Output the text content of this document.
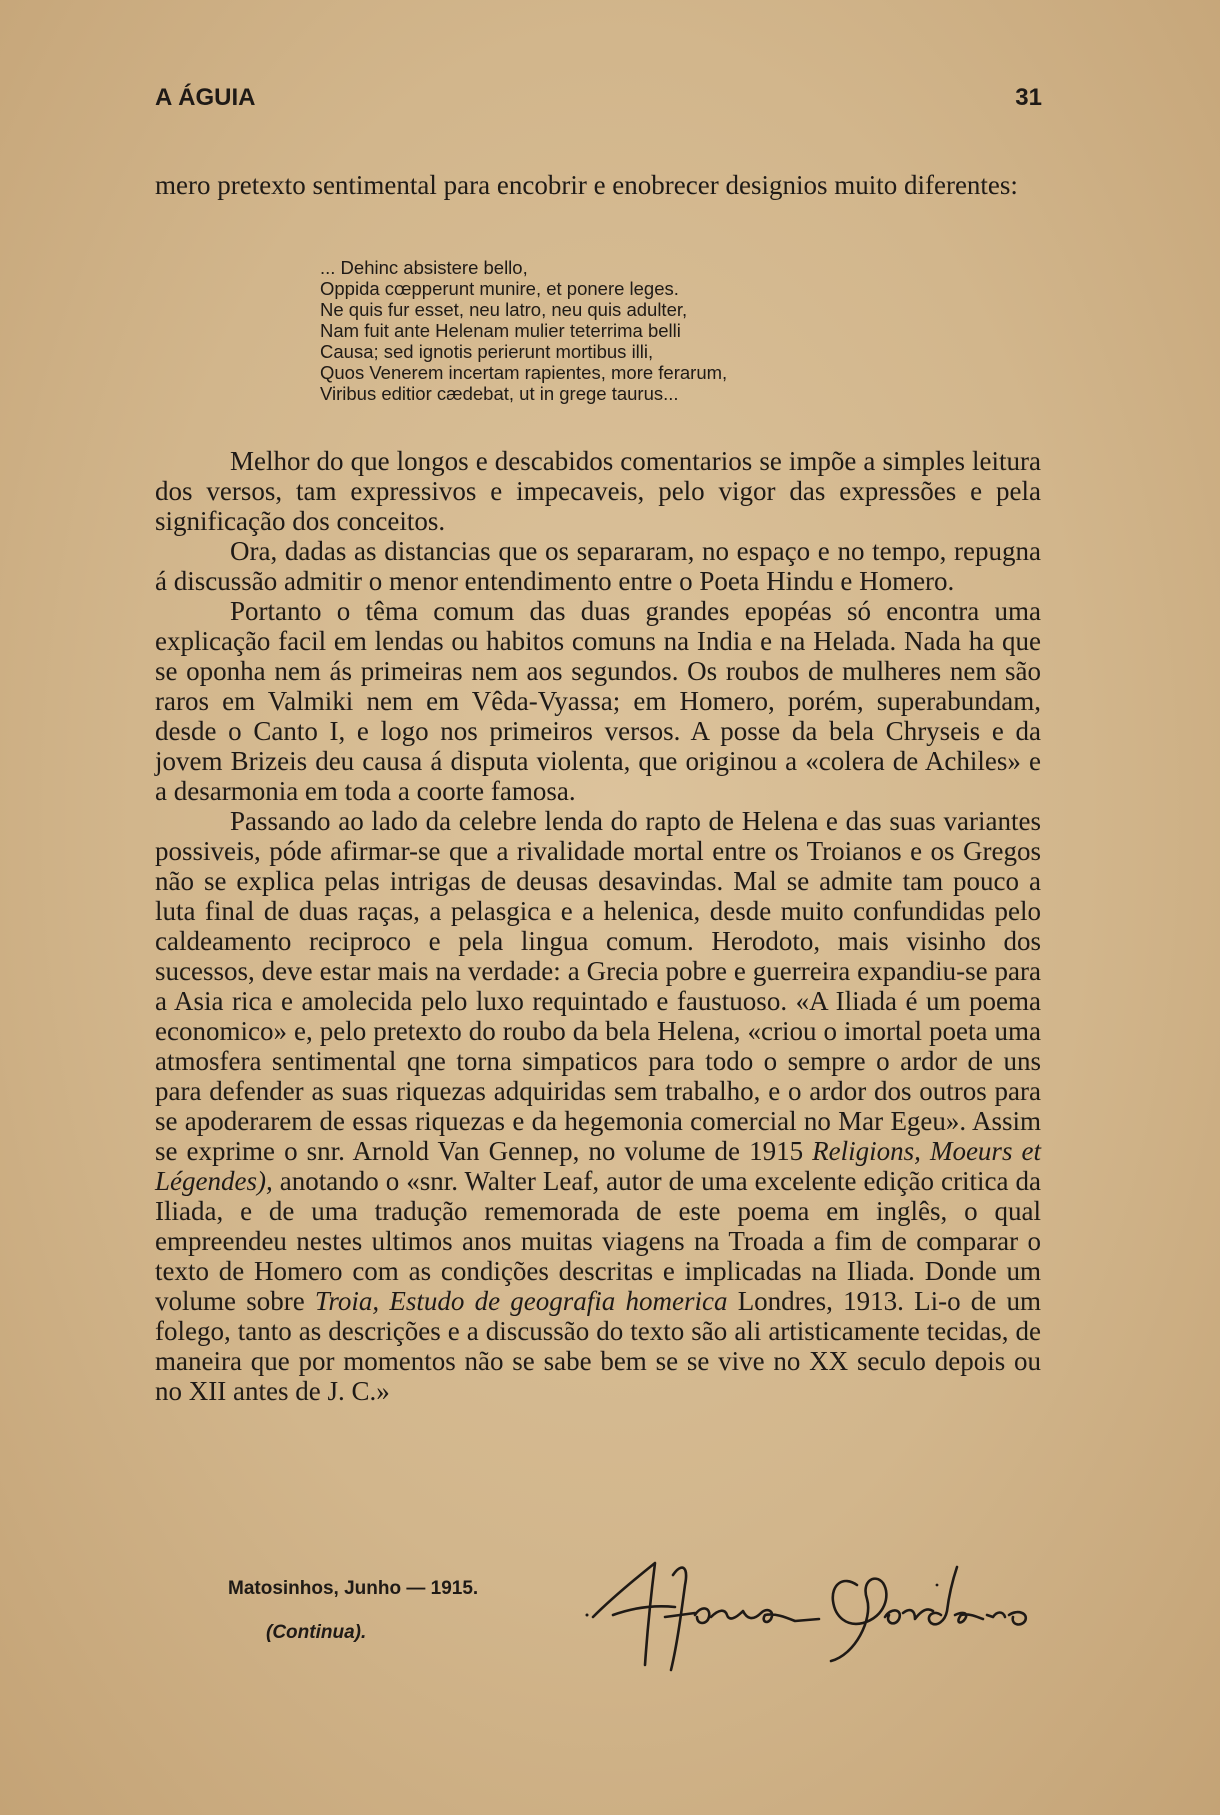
A ÁGUIA	31

mero pretexto sentimental para encobrir e enobrecer designios muito diferentes:

... Dehinc absistere bello,
Oppida cœpperunt munire, et ponere leges.
Ne quis fur esset, neu latro, neu quis adulter,
Nam fuit ante Helenam mulier teterrima belli
Causa; sed ignotis perierunt mortibus illi,
Quos Venerem incertam rapientes, more ferarum,
Viribus editior cædebat, ut in grege taurus...

Melhor do que longos e descabidos comentarios se impõe a simples leitura dos versos, tam expressivos e impecaveis, pelo vigor das expressões e pela significação dos conceitos.

Ora, dadas as distancias que os separaram, no espaço e no tempo, repugna á discussão admitir o menor entendimento entre o Poeta Hindu e Homero.

Portanto o têma comum das duas grandes epopéas só encontra uma explicação facil em lendas ou habitos comuns na India e na Helada. Nada ha que se oponha nem ás primeiras nem aos segundos. Os roubos de mulheres nem são raros em Valmiki nem em Vêda-Vyassa; em Homero, porém, superabundam, desde o Canto I, e logo nos primeiros versos. A posse da bela Chryseis e da jovem Brizeis deu causa á disputa violenta, que originou a «colera de Achiles» e a desarmonia em toda a coorte famosa.

Passando ao lado da celebre lenda do rapto de Helena e das suas variantes possiveis, póde afirmar-se que a rivalidade mortal entre os Troianos e os Gregos não se explica pelas intrigas de deusas desavindas. Mal se admite tam pouco a luta final de duas raças, a pelasgica e a helenica, desde muito confundidas pelo caldeamento reciproco e pela lingua comum. Herodoto, mais visinho dos sucessos, deve estar mais na verdade: a Grecia pobre e guerreira expandiu-se para a Asia rica e amolecida pelo luxo requintado e faustuoso. «A Iliada é um poema economico» e, pelo pretexto do roubo da bela Helena, «criou o imortal poeta uma atmosfera sentimental qne torna simpaticos para todo o sempre o ardor de uns para defender as suas riquezas adquiridas sem trabalho, e o ardor dos outros para se apoderarem de essas riquezas e da hegemonia comercial no Mar Egeu». Assim se exprime o snr. Arnold Van Gennep, no volume de 1915 Religions, Moeurs et Légendes), anotando o «snr. Walter Leaf, autor de uma excelente edição critica da Iliada, e de uma tradução rememorada de este poema em inglês, o qual empreendeu nestes ultimos anos muitas viagens na Troada a fim de comparar o texto de Homero com as condições descritas e implicadas na Iliada. Donde um volume sobre Troia, Estudo de geografia homerica Londres, 1913. Li-o de um folego, tanto as descrições e a discussão do texto são ali artisticamente tecidas, de maneira que por momentos não se sabe bem se se vive no XX seculo depois ou no XII antes de J. C.»

Matosinhos, Junho — 1915.
(Continua).
